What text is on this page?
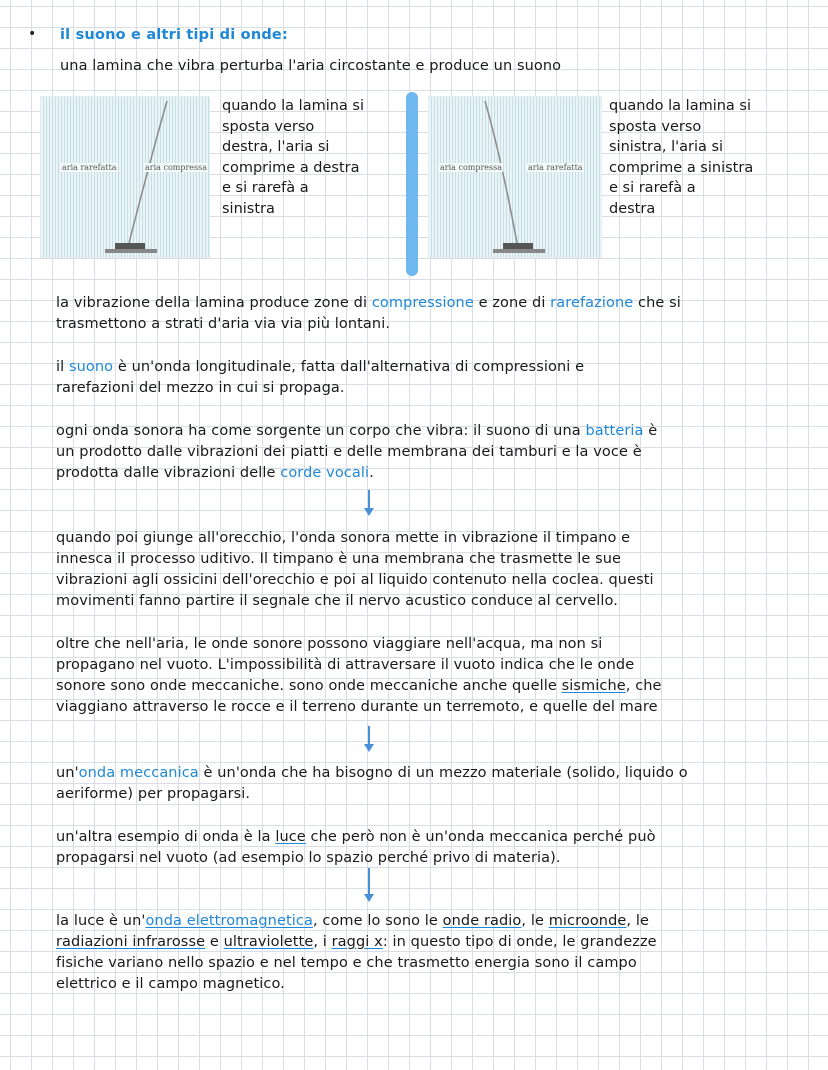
• il suono e altri tipi di onde:
una lamina che vibra perturba l'aria circostante e produce un suono
aria rarefatta	aria compressa
quando la lamina si
sposta verso
destra, l'aria si
comprime a destra
e si rarefà a
sinistra
aria compressa	aria rarefatta
quando la lamina si
sposta verso
sinistra, l'aria si
comprime a sinistra
e si rarefà a
destra
la vibrazione della lamina produce zone di compressione e zone di rarefazione che si
trasmettono a strati d'aria via via più lontani.
il suono è un'onda longitudinale, fatta dall'alternativa di compressioni e
rarefazioni del mezzo in cui si propaga.
ogni onda sonora ha come sorgente un corpo che vibra: il suono di una batteria è
un prodotto dalle vibrazioni dei piatti e delle membrana dei tamburi e la voce è
prodotta dalle vibrazioni delle corde vocali.
quando poi giunge all'orecchio, l'onda sonora mette in vibrazione il timpano e
innesca il processo uditivo. Il timpano è una membrana che trasmette le sue
vibrazioni agli ossicini dell'orecchio e poi al liquido contenuto nella coclea. questi
movimenti fanno partire il segnale che il nervo acustico conduce al cervello.
oltre che nell'aria, le onde sonore possono viaggiare nell'acqua, ma non si
propagano nel vuoto. L'impossibilità di attraversare il vuoto indica che le onde
sonore sono onde meccaniche. sono onde meccaniche anche quelle sismiche, che
viaggiano attraverso le rocce e il terreno durante un terremoto, e quelle del mare
un'onda meccanica è un'onda che ha bisogno di un mezzo materiale (solido, liquido o
aeriforme) per propagarsi.
un'altra esempio di onda è la luce che però non è un'onda meccanica perché può
propagarsi nel vuoto (ad esempio lo spazio perché privo di materia).
la luce è un'onda elettromagnetica, come lo sono le onde radio, le microonde, le
radiazioni infrarosse e ultraviolette, i raggi x: in questo tipo di onde, le grandezze
fisiche variano nello spazio e nel tempo e che trasmetto energia sono il campo
elettrico e il campo magnetico.
